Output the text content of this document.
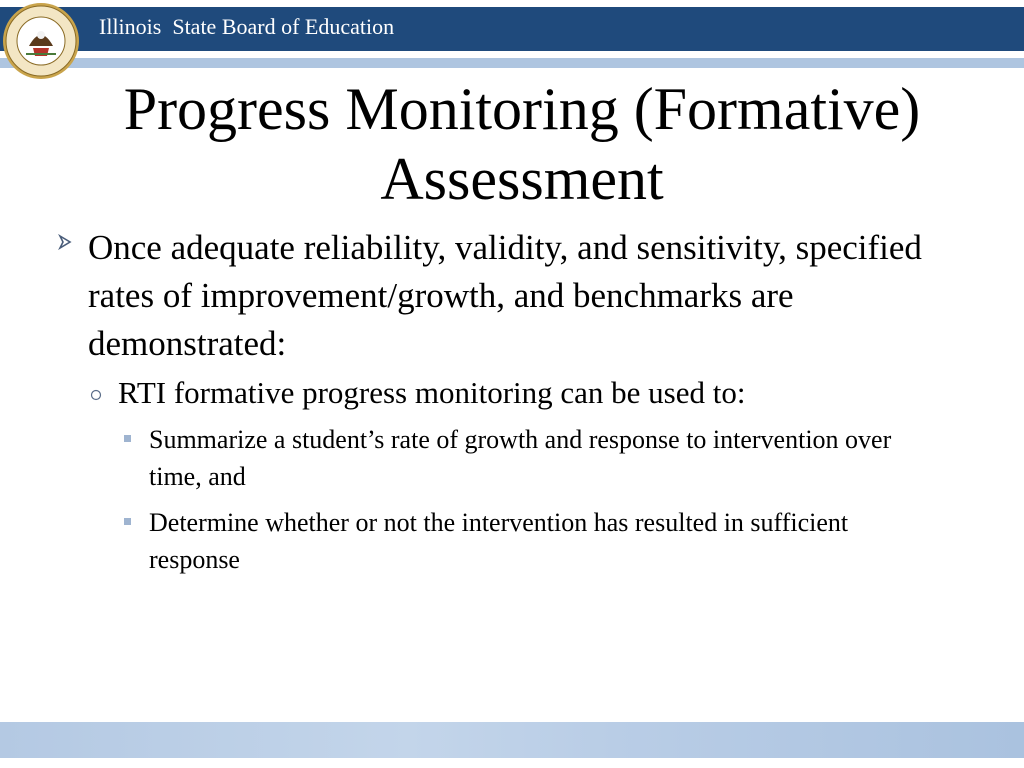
Illinois  State Board of Education
Progress Monitoring (Formative)
Assessment
Once adequate reliability, validity, and sensitivity, specified rates of improvement/growth, and benchmarks are demonstrated:
RTI formative progress monitoring can be used to:
Summarize a student’s rate of growth and response to intervention over time, and
Determine whether or not the intervention has resulted in sufficient response
